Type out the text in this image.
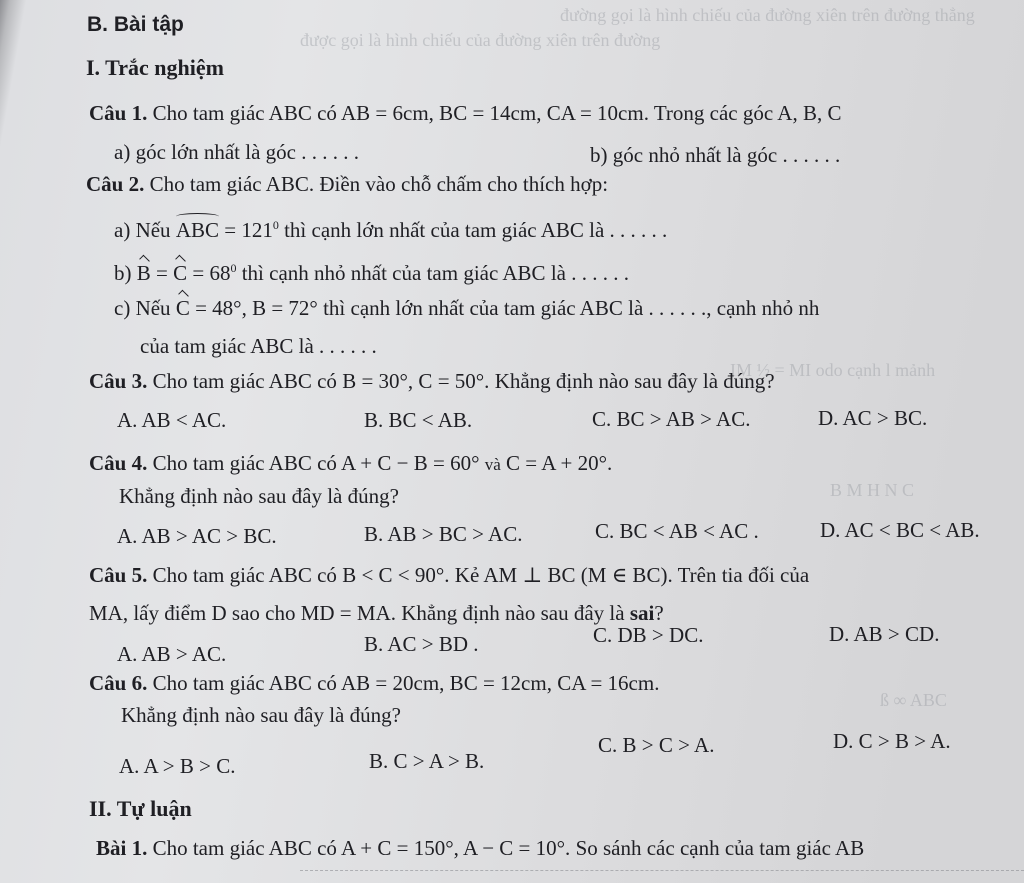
đường gọi là hình chiếu của đường xiên trên đường thẳng
được gọi là hình chiếu của đường xiên trên đường
IM ½ = MI odo cạnh l mảnh
B M H N C
ß ∞ ABC
B. Bài tập
I. Trắc nghiệm
Câu 1. Cho tam giác ABC có AB = 6cm, BC = 14cm, CA = 10cm. Trong các góc A, B, C
a) góc lớn nhất là góc . . . . . .	b) góc nhỏ nhất là góc . . . . . .
Câu 2. Cho tam giác ABC. Điền vào chỗ chấm cho thích hợp:
a) Nếu ABC = $121^0$ thì cạnh lớn nhất của tam giác ABC là . . . . . .
b) $B = C = 68^0$ thì cạnh nhỏ nhất của tam giác ABC là . . . . . .
c) Nếu C = 48°, B = 72° thì cạnh lớn nhất của tam giác ABC là . . . . . ., cạnh nhỏ nh
của tam giác ABC là . . . . . .
Câu 3. Cho tam giác ABC có B = 30°, C = 50°. Khẳng định nào sau đây là đúng?
A. AB < AC.	B. BC < AB.	C. BC > AB > AC.	D. AC > BC.
Câu 4. Cho tam giác ABC có A + C − B = 60° và C = A + 20°.
Khẳng định nào sau đây là đúng?
A. AB > AC > BC.	B. AB > BC > AC.	C. BC < AB < AC .	D. AC < BC < AB.
Câu 5. Cho tam giác ABC có B < C < 90°. Kẻ AM ⊥ BC (M ∈ BC). Trên tia đối của
MA, lấy điểm D sao cho MD = MA. Khẳng định nào sau đây là sai?
A. AB > AC.	B. AC > BD .	C. DB > DC.	D. AB > CD.
Câu 6. Cho tam giác ABC có AB = 20cm, BC = 12cm, CA = 16cm.
Khẳng định nào sau đây là đúng?
A. A > B > C.	B. C > A > B.
C. B > C > A.	D. C > B > A.
II. Tự luận
Bài 1. Cho tam giác ABC có A + C = 150°, A − C = 10°. So sánh các cạnh của tam giác AB
